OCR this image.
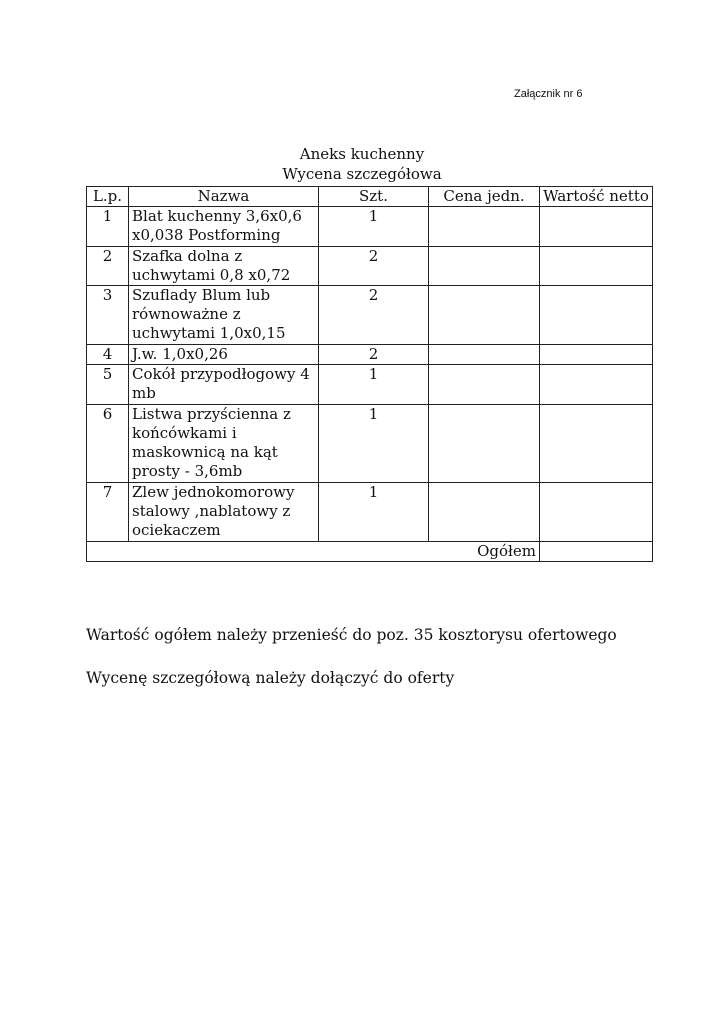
Załącznik nr 6
Aneks kuchenny
Wycena szczegółowa
L.p.	Nazwa	Szt.	Cena jedn.	Wartość netto
1	Blat kuchenny 3,6x0,6 x0,038 Postforming	1		
2	Szafka dolna z uchwytami 0,8 x0,72	2		
3	Szuflady Blum lub równoważne z uchwytami 1,0x0,15	2		
4	J.w. 1,0x0,26	2		
5	Cokół przypodłogowy 4 mb	1		
6	Listwa przyścienna z końcówkami i maskownicą na kąt prosty - 3,6mb	1		
7	Zlew jednokomorowy stalowy ,nablatowy z ociekaczem	1		
Ogółem				
Wartość ogółem należy przenieść do poz. 35 kosztorysu ofertowego
Wycenę szczegółową należy dołączyć do oferty
